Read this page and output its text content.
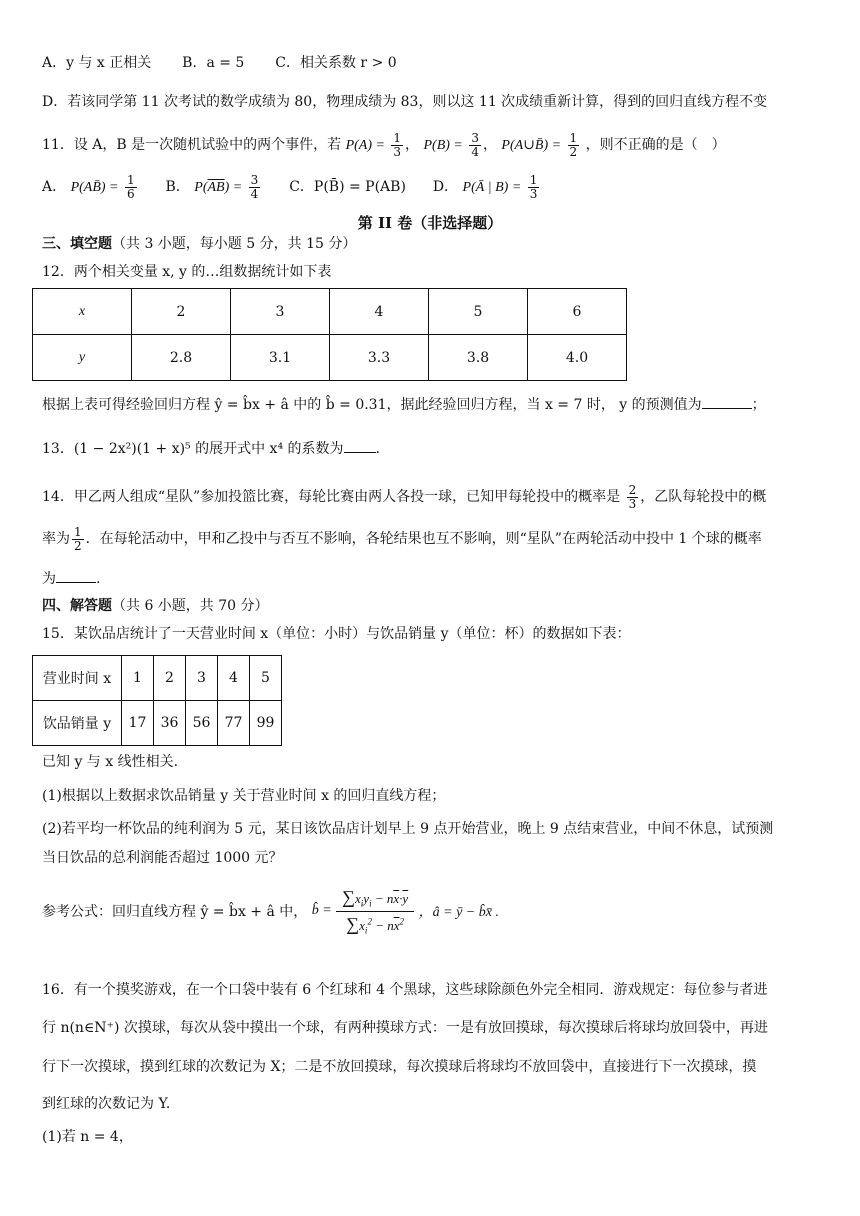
A．y 与 x 正相关 B．a = 5 C．相关系数 r > 0
D．若该同学第 11 次考试的数学成绩为 80，物理成绩为 83，则以这 11 次成绩重新计算，得到的回归直线方程不变
11．设 A，B 是一次随机试验中的两个事件，若 $P(A) = \frac{1}{3}$ ， $P(B) = \frac{3}{4}$ ， P(A∪B̄) = $\frac{1}{2}$ ，则不正确的是（　）
A． P(AB̄) = $\frac{1}{6}$ B． $P(\overline{AB}) = \frac{3}{4}$ C．P(B̄) = P(AB) D． P(Ā | $B) = \frac{1}{3}$
第 II 卷（非选择题）
三、填空题（共 3 小题，每小题 5 分，共 15 分）
12．两个相关变量 x, y 的…组数据统计如下表
x	2	3	4	5	6
y	2.8	3.1	3.3	3.8	4.0
根据上表可得经验回归方程 ŷ = b̂x + â 中的 b̂ = 0.31，据此经验回归方程，当 x = 7 时， y 的预测值为	；
13．(1 − 2x²)(1 + x)⁵ 的展开式中 x⁴ 的系数为 .
14．甲乙两人组成“星队”参加投篮比赛，每轮比赛由两人各投一球，已知甲每轮投中的概率是 $\frac{2}{3}$ ，乙队每轮投中的概
率为 $\frac{1}{2}$ ．在每轮活动中，甲和乙投中与否互不影响，各轮结果也互不影响，则“星队”在两轮活动中投中 1 个球的概率
为	.
四、解答题（共 6 小题，共 70 分）
15．某饮品店统计了一天营业时间 x（单位：小时）与饮品销量 y（单位：杯）的数据如下表：
营业时间 x	1	2	3	4	5
饮品销量 y	17	36	56	77	99
已知 y 与 x 线性相关.
(1)根据以上数据求饮品销量 y 关于营业时间 x 的回归直线方程；
(2)若平均一杯饮品的纯利润为 5 元，某日该饮品店计划早上 9 点开始营业，晚上 9 点结束营业，中间不休息，试预测
当日饮品的总利润能否超过 1000 元？
参考公式：回归直线方程 ŷ = b̂x + â 中， b̂ = $\frac{\sum x_iy_i - n\overline{x}\cdot\overline{y}}{\sum x_i^2 - n\overline{x}^2}$ ，â = ȳ − b̂x̄ .
16．有一个摸奖游戏，在一个口袋中装有 6 个红球和 4 个黑球，这些球除颜色外完全相同．游戏规定：每位参与者进
行 n(n∈N⁺) 次摸球，每次从袋中摸出一个球，有两种摸球方式：一是有放回摸球，每次摸球后将球均放回袋中，再进
行下一次摸球，摸到红球的次数记为 X；二是不放回摸球，每次摸球后将球均不放回袋中，直接进行下一次摸球，摸
到红球的次数记为 Y.
(1)若 n = 4，
